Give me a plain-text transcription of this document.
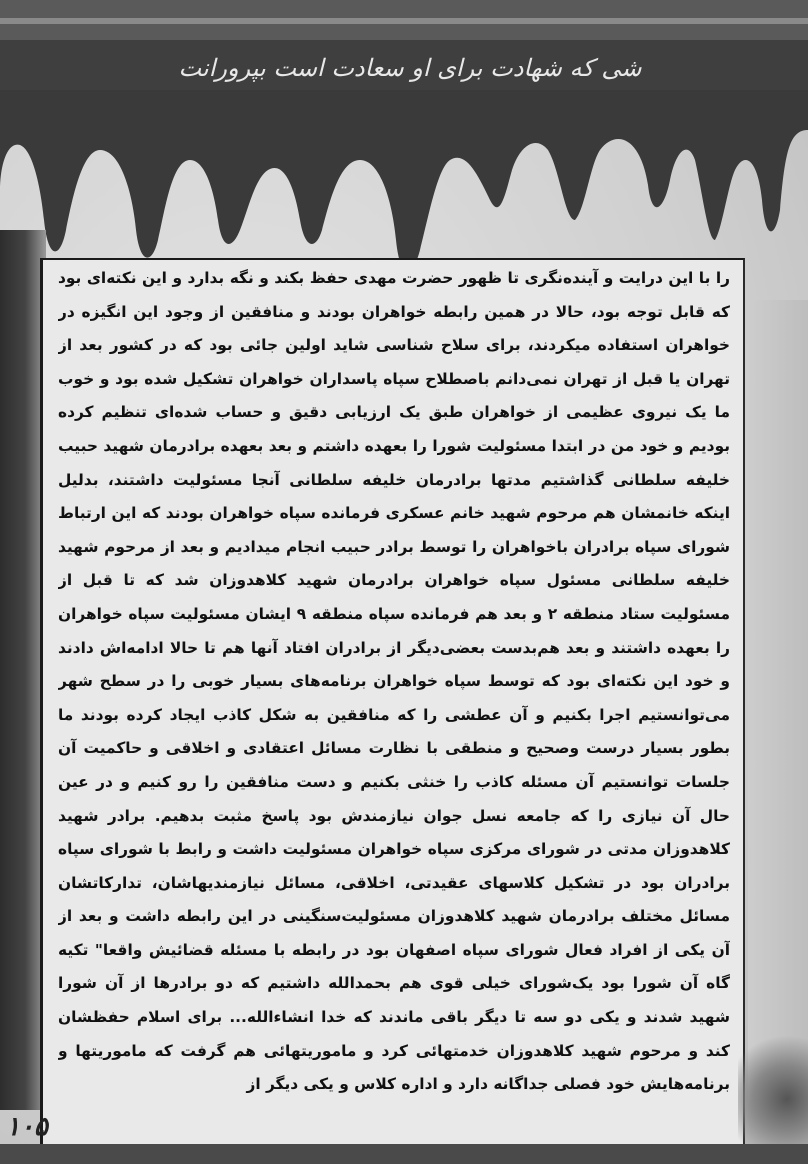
شی که شهادت برای او سعادت است بپرورانت

را با این درایت و آینده‌نگری تا ظهور حضرت مهدی حفظ بکند و نگه بدارد و این نکته‌ای بود که قابل توجه بود، حالا در همین رابطه خواهران بودند و منافقین از وجود این انگیزه در خواهران استفاده میکردند، برای سلاح شناسی شاید اولین جائی بود که در کشور بعد از تهران یا قبل از تهران نمی‌دانم باصطلاح سپاه پاسداران خواهران تشکیل شده بود و خوب ما یک نیروی عظیمی از خواهران طبق یک ارزیابی دقیق و حساب شده‌ای تنظیم کرده بودیم و خود من در ابتدا مسئولیت شورا را بعهده داشتم و بعد بعهده برادرمان شهید حبیب خلیفه سلطانی گذاشتیم مدتها برادرمان خلیفه سلطانی آنجا مسئولیت داشتند، بدلیل اینکه خانمشان هم مرحوم شهید خانم عسکری فرمانده سپاه خواهران بودند که این ارتباط شورای سپاه برادران باخواهران را توسط برادر حبیب انجام میدادیم و بعد از مرحوم شهید خلیفه سلطانی مسئول سپاه خواهران برادرمان شهید کلاهدوزان شد که تا قبل از مسئولیت ستاد منطقه ۲ و بعد هم فرمانده سپاه منطقه ۹ ایشان مسئولیت سپاه خواهران را بعهده داشتند و بعد هم‌بدست بعضی‌دیگر از برادران افتاد آنها هم تا حالا ادامه‌اش دادند و خود این نکته‌ای بود که توسط سپاه خواهران برنامه‌های بسیار خوبی را در سطح شهر می‌توانستیم اجرا بکنیم و آن عطشی را که منافقین به شکل کاذب ایجاد کرده بودند ما بطور بسیار درست وصحیح و منطقی با نظارت مسائل اعتقادی و اخلاقی و حاکمیت آن جلسات توانستیم آن مسئله کاذب را خنثی بکنیم و دست منافقین را رو کنیم و در عین حال آن نیازی را که جامعه نسل جوان نیازمندش بود پاسخ مثبت بدهیم. برادر شهید کلاهدوزان مدتی در شورای مرکزی سپاه خواهران مسئولیت داشت و رابط با شورای سپاه برادران بود در تشکیل کلاسهای عقیدتی، اخلاقی، مسائل نیازمندیهاشان، تدارکاتشان مسائل مختلف برادرمان شهید کلاهدوزان مسئولیت‌سنگینی در این رابطه داشت و بعد از آن یکی از افراد فعال شورای سپاه اصفهان بود در رابطه با مسئله قضائیش واقعا" تکیه گاه آن شورا بود یک‌شورای خیلی قوی هم بحمدالله داشتیم که دو برادرها از آن شورا شهید شدند و یکی دو سه تا دیگر باقی ماندند که خدا انشاءالله... برای اسلام حفظشان کند و مرحوم شهید کلاهدوزان خدمتهائی کرد و ماموریتهائی هم گرفت که ماموریتها و برنامه‌هایش خود فصلی جداگانه دارد و اداره کلاس و یکی دیگر از

۱۰۵
